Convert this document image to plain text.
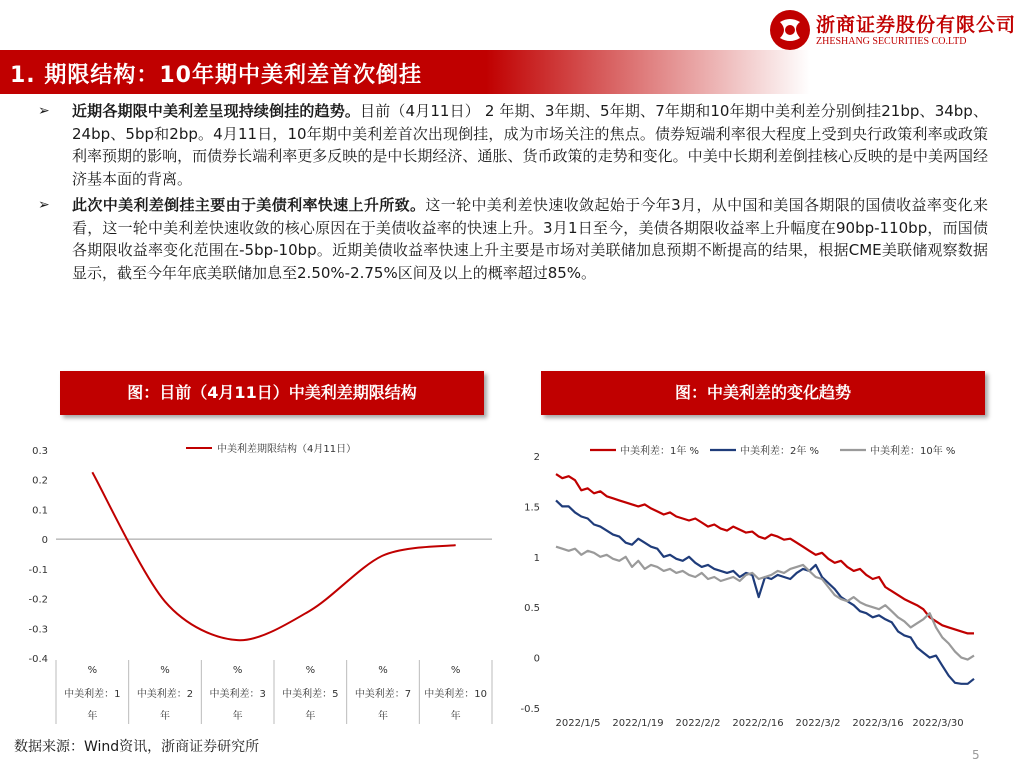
浙商证券股份有限公司
ZHESHANG SECURITIES CO.LTD
1. 期限结构：10年期中美利差首次倒挂
➢ 近期各期限中美利差呈现持续倒挂的趋势。目前（4月11日） 2 年期、3年期、5年期、7年期和10年期中美利差分别倒挂21bp、34bp、24bp、5bp和2bp。4月11日，10年期中美利差首次出现倒挂，成为市场关注的焦点。债券短端利率很大程度上受到央行政策利率或政策利率预期的影响，而债券长端利率更多反映的是中长期经济、通胀、货币政策的走势和变化。中美中长期利差倒挂核心反映的是中美两国经济基本面的背离。
➢ 此次中美利差倒挂主要由于美债利率快速上升所致。这一轮中美利差快速收敛起始于今年3月，从中国和美国各期限的国债收益率变化来看，这一轮中美利差快速收敛的核心原因在于美债收益率的快速上升。3月1日至今，美债各期限收益率上升幅度在90bp-110bp，而国债各期限收益率变化范围在-5bp-10bp。近期美债收益率快速上升主要是市场对美联储加息预期不断提高的结果，根据CME美联储观察数据显示，截至今年年底美联储加息至2.50%-2.75%区间及以上的概率超过85%。
图：目前（4月11日）中美利差期限结构	图：中美利差的变化趋势
0.3
0.2
0.1
0
-0.1
-0.2
-0.3
-0.4
%
中美利差：1
年
%
中美利差：2
年
%
中美利差：3
年
%
中美利差：5
年
%
中美利差：7
年
%
中美利差：10
年
中美利差期限结构（4月11日）
2
1.5
1
0.5
0
-0.5
2022/1/5 2022/1/19 2022/2/2 2022/2/16 2022/3/2 2022/3/16 2022/3/30
中美利差：1年 %	中美利差：2年 %	中美利差：10年 %
数据来源：Wind资讯，浙商证券研究所	5
